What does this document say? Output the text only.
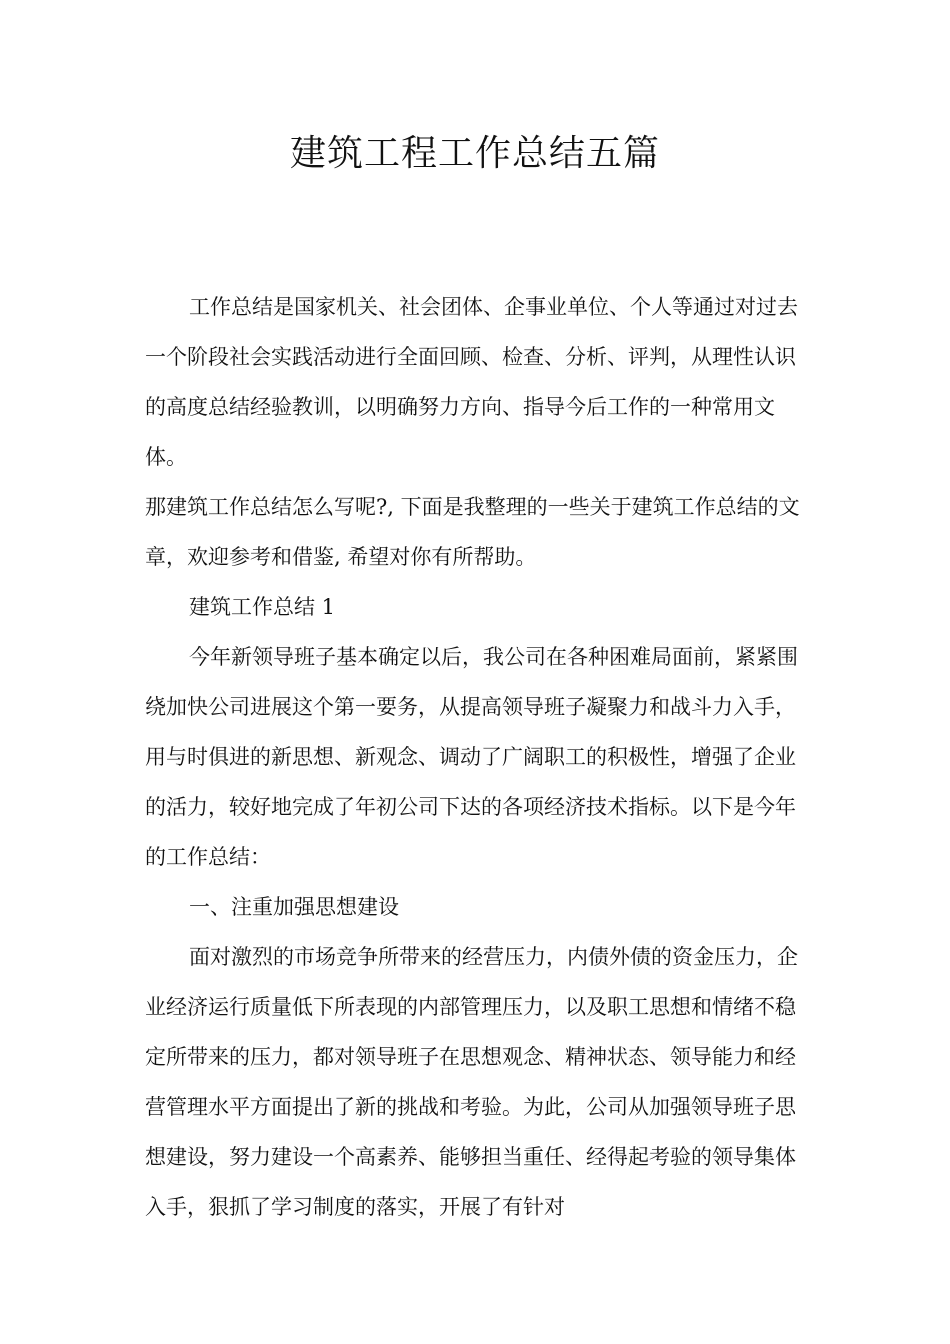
建筑工程工作总结五篇

工作总结是国家机关、社会团体、企事业单位、个人等通过对过去一个阶段社会实践活动进行全面回顾、检查、分析、评判，从理性认识的高度总结经验教训，以明确努力方向、指导今后工作的一种常用文体。

那建筑工作总结怎么写呢?, 下面是我整理的一些关于建筑工作总结的文章，欢迎参考和借鉴, 希望对你有所帮助。

建筑工作总结 1

今年新领导班子基本确定以后，我公司在各种困难局面前，紧紧围绕加快公司进展这个第一要务，从提高领导班子凝聚力和战斗力入手，用与时俱进的新思想、新观念、调动了广阔职工的积极性，增强了企业的活力，较好地完成了年初公司下达的各项经济技术指标。以下是今年的工作总结：

一、注重加强思想建设

面对激烈的市场竞争所带来的经营压力，内债外债的资金压力，企业经济运行质量低下所表现的内部管理压力，以及职工思想和情绪不稳定所带来的压力，都对领导班子在思想观念、精神状态、领导能力和经营管理水平方面提出了新的挑战和考验。为此，公司从加强领导班子思想建设，努力建设一个高素养、能够担当重任、经得起考验的领导集体入手，狠抓了学习制度的落实，开展了有针对
